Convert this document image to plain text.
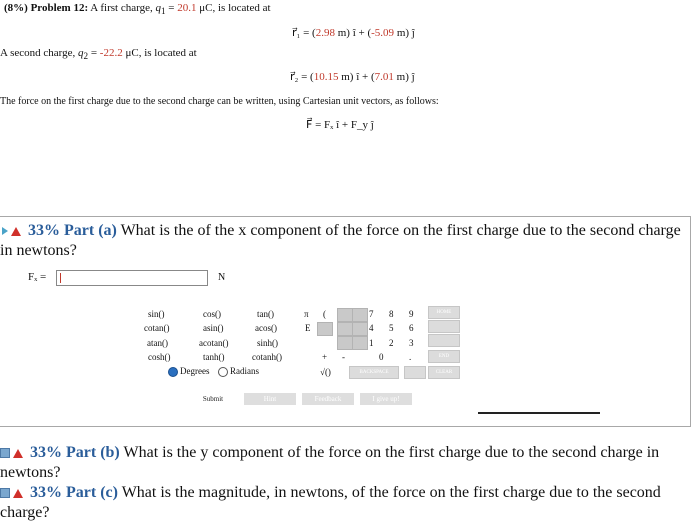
(8%) Problem 12: A first charge, $q_1 = 20.1$ μC, is located at
r⃗₁ = (2.98 m) î + (-5.09 m) ĵ
A second charge, $q_2 = -22.2$ μC, is located at
r⃗₂ = (10.15 m) î + (7.01 m) ĵ
The force on the first charge due to the second charge can be written, using Cartesian unit vectors, as follows:
F⃗ = Fₓ î + F_y ĵ
33% Part (a) What is the of the x component of the force on the first charge due to the second charge
in newtons?
Fₓ =	N
sin()	cos()	tan()
cotan()	asin()	acos()
atan()	acotan()	sinh()
cosh()	tanh()	cotanh()
Degrees	Radians
π (
E
+ -
√()
7 8 9
4 5 6
1 2 3
0	.
HOME
END
BACKSPACE	CLEAR
Submit	Hint	Feedback	I give up!
33% Part (b) What is the y component of the force on the first charge due to the second charge in
newtons?
33% Part (c) What is the magnitude, in newtons, of the force on the first charge due to the second
charge?
